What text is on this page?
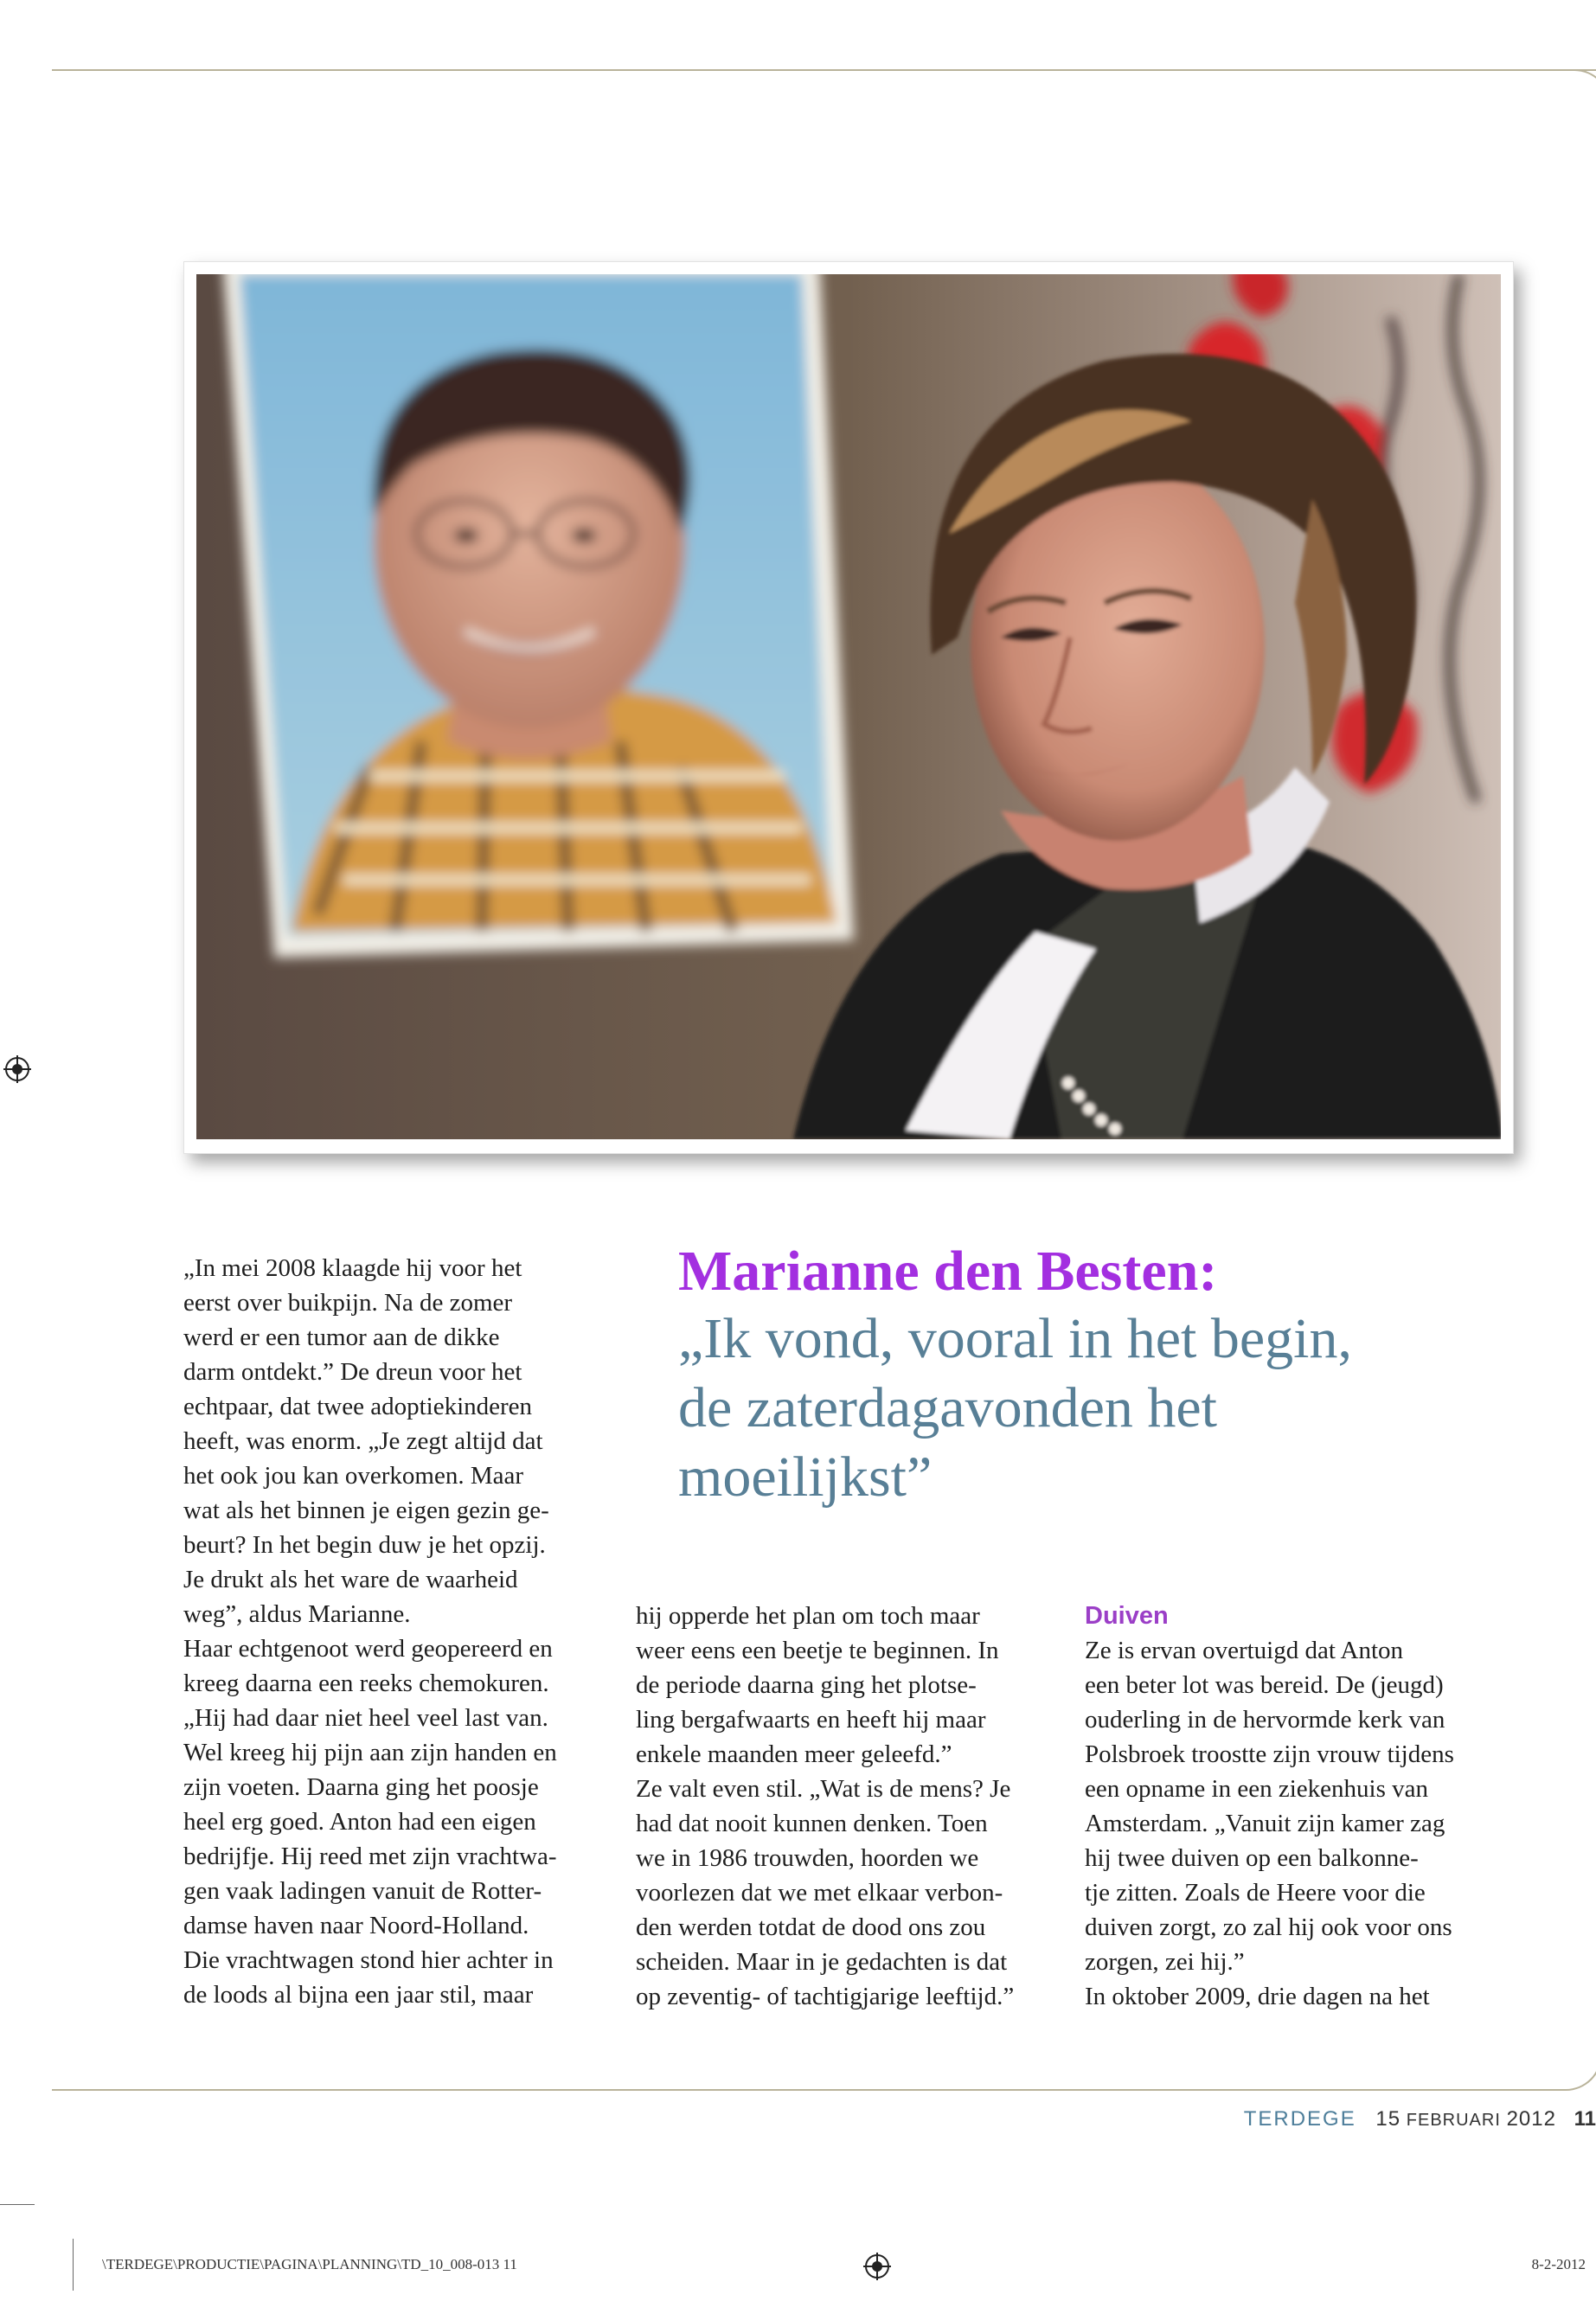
Marianne den Besten:
„Ik vond, vooral in het begin,
de zaterdagavonden het
moeilijkst”
„In mei 2008 klaagde hij voor het
eerst over buikpijn. Na de zomer
werd er een tumor aan de dikke
darm ontdekt.” De dreun voor het
echtpaar, dat twee adoptiekinderen
heeft, was enorm. „Je zegt altijd dat
het ook jou kan overkomen. Maar
wat als het binnen je eigen gezin ge-
beurt? In het begin duw je het opzij.
Je drukt als het ware de waarheid
weg”, aldus Marianne.
Haar echtgenoot werd geopereerd en
kreeg daarna een reeks chemokuren.
„Hij had daar niet heel veel last van.
Wel kreeg hij pijn aan zijn handen en
zijn voeten. Daarna ging het poosje
heel erg goed. Anton had een eigen
bedrijfje. Hij reed met zijn vrachtwa-
gen vaak ladingen vanuit de Rotter-
damse haven naar Noord-Holland.
Die vrachtwagen stond hier achter in
de loods al bijna een jaar stil, maar
hij opperde het plan om toch maar
weer eens een beetje te beginnen. In
de periode daarna ging het plotse-
ling bergafwaarts en heeft hij maar
enkele maanden meer geleefd.”
Ze valt even stil. „Wat is de mens? Je
had dat nooit kunnen denken. Toen
we in 1986 trouwden, hoorden we
voorlezen dat we met elkaar verbon-
den werden totdat de dood ons zou
scheiden. Maar in je gedachten is dat
op zeventig- of tachtigjarige leeftijd.”
Duiven
Ze is ervan overtuigd dat Anton
een beter lot was bereid. De (jeugd)
ouderling in de hervormde kerk van
Polsbroek troostte zijn vrouw tijdens
een opname in een ziekenhuis van
Amsterdam. „Vanuit zijn kamer zag
hij twee duiven op een balkonne-
tje zitten. Zoals de Heere voor die
duiven zorgt, zo zal hij ook voor ons
zorgen, zei hij.”
In oktober 2009, drie dagen na het
TERDEGE 15 FEBRUARI 2012 11
\TERDEGE\PRODUCTIE\PAGINA\PLANNING\TD_10_008-013 11	8-2-2012
